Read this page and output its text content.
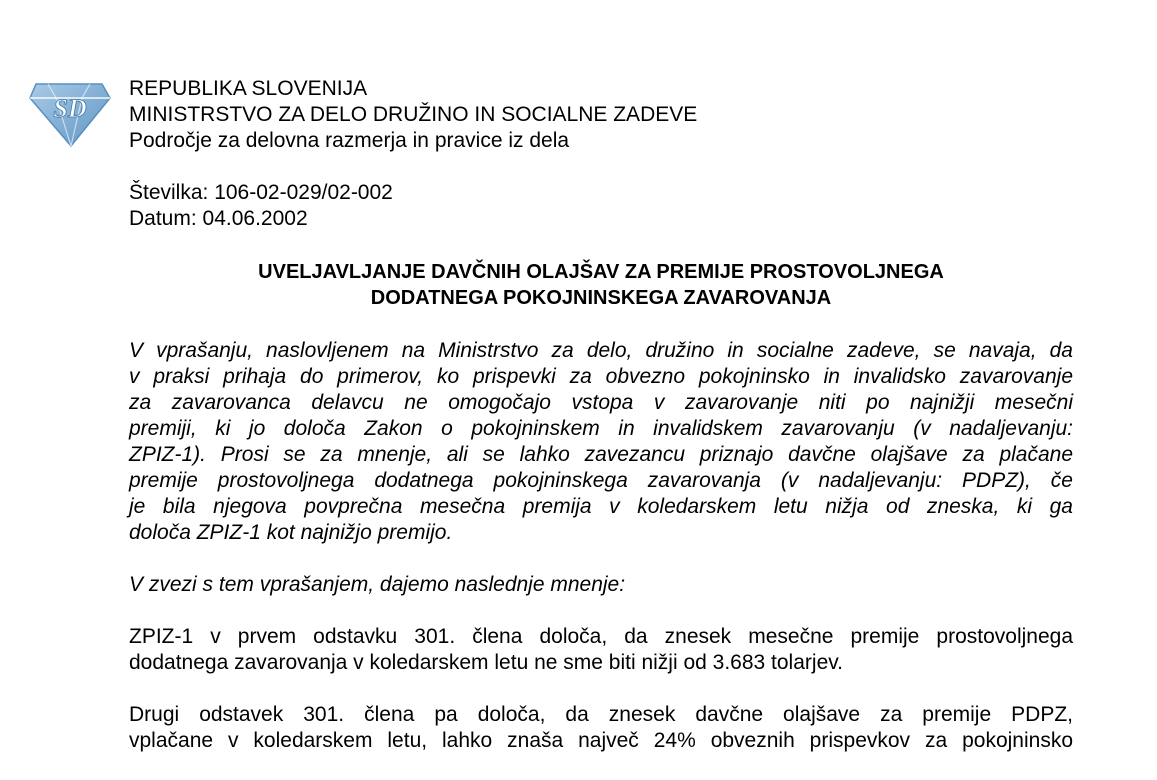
SD
REPUBLIKA SLOVENIJA
MINISTRSTVO ZA DELO DRUŽINO IN SOCIALNE ZADEVE
Področje za delovna razmerja in pravice iz dela
Številka: 106-02-029/02-002
Datum: 04.06.2002
UVELJAVLJANJE DAVČNIH OLAJŠAV ZA PREMIJE PROSTOVOLJNEGA
DODATNEGA POKOJNINSKEGA ZAVAROVANJA

V vprašanju, naslovljenem na Ministrstvo za delo, družino in socialne zadeve, se navaja, da
v praksi prihaja do primerov, ko prispevki za obvezno pokojninsko in invalidsko zavarovanje
za zavarovanca delavcu ne omogočajo vstopa v zavarovanje niti po najnižji mesečni
premiji, ki jo določa Zakon o pokojninskem in invalidskem zavarovanju (v nadaljevanju:
ZPIZ-1). Prosi se za mnenje, ali se lahko zavezancu priznajo davčne olajšave za plačane
premije prostovoljnega dodatnega pokojninskega zavarovanja (v nadaljevanju: PDPZ), če
je bila njegova povprečna mesečna premija v koledarskem letu nižja od zneska, ki ga
določa ZPIZ-1 kot najnižjo premijo.

V zvezi s tem vprašanjem, dajemo naslednje mnenje:

ZPIZ-1 v prvem odstavku 301. člena določa, da znesek mesečne premije prostovoljnega
dodatnega zavarovanja v koledarskem letu ne sme biti nižji od 3.683 tolarjev.

Drugi odstavek 301. člena pa določa, da znesek davčne olajšave za premije PDPZ,
vplačane v koledarskem letu, lahko znaša največ 24% obveznih prispevkov za pokojninsko
